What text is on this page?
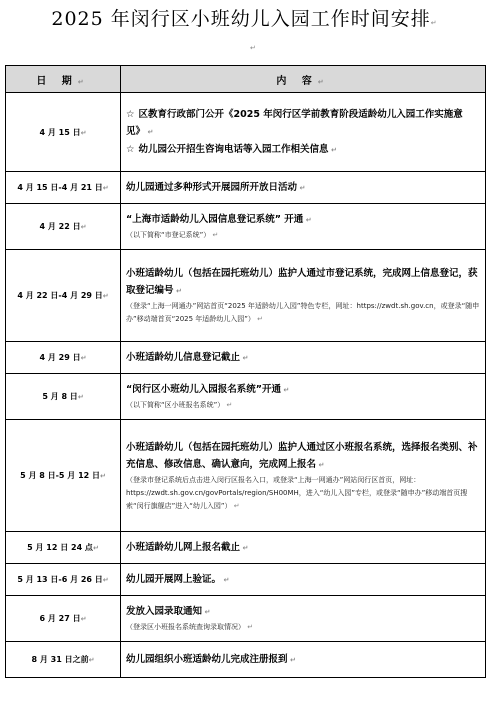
2025 年闵行区小班幼儿入园工作时间安排↵
↵
日 期↵	内 容↵
4 月 15 日↵	☆ 区教育行政部门公开《2025 年闵行区学前教育阶段适龄幼儿入园工作实施意见》 ↵
☆ 幼儿园公开招生咨询电话等入园工作相关信息 ↵

4 月 15 日-4 月 21 日↵	幼儿园通过多种形式开展园所开放日活动 ↵

4 月 22 日↵	“上海市适龄幼儿入园信息登记系统” 开通 ↵
（以下简称“市登记系统”） ↵

4 月 22 日-4 月 29 日↵	小班适龄幼儿（包括在园托班幼儿）监护人通过市登记系统，完成网上信息登记，获取登记编号 ↵
（登录“上海一网通办”网站首页“2025 年适龄幼儿入园”特色专栏，网址：https://zwdt.sh.gov.cn，或登录“随申办”移动端首页“2025 年适龄幼儿入园”） ↵

4 月 29 日↵	小班适龄幼儿信息登记截止 ↵

5 月 8 日↵	“闵行区小班幼儿入园报名系统”开通 ↵
（以下简称“区小班报名系统”） ↵

5 月 8 日-5 月 12 日↵	小班适龄幼儿（包括在园托班幼儿）监护人通过区小班报名系统，选择报名类别、补充信息、修改信息、确认意向，完成网上报名 ↵
（登录市登记系统后点击进入闵行区报名入口，或登录“上海一网通办”网站闵行区首页，网址：https://zwdt.sh.gov.cn/govPortals/region/SH00MH，进入“幼儿入园”专栏，或登录“随申办”移动端首页搜索“闵行旗舰店”进入“幼儿入园”） ↵

5 月 12 日 24 点↵	小班适龄幼儿网上报名截止 ↵

5 月 13 日-6 月 26 日↵	幼儿园开展网上验证。 ↵

6 月 27 日↵	发放入园录取通知 ↵
（登录区小班报名系统查询录取情况） ↵

8 月 31 日之前↵	幼儿园组织小班适龄幼儿完成注册报到 ↵
